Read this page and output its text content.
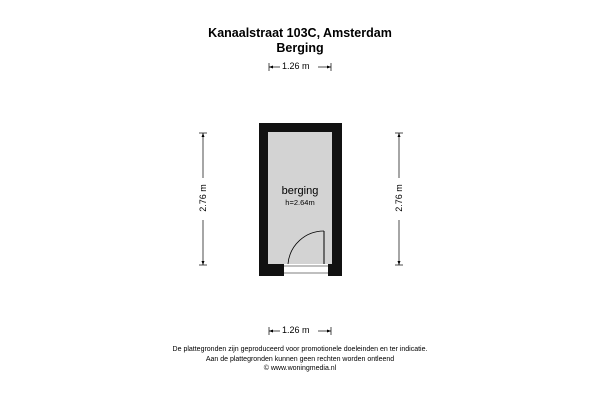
Kanaalstraat 103C, Amsterdam
Berging
1.26 m
1.26 m
2.76 m	2.76 m
berging
h=2.64m
De plattegronden zijn geproduceerd voor promotionele doeleinden en ter indicatie.
Aan de plattegronden kunnen geen rechten worden ontleend
© www.woningmedia.nl
